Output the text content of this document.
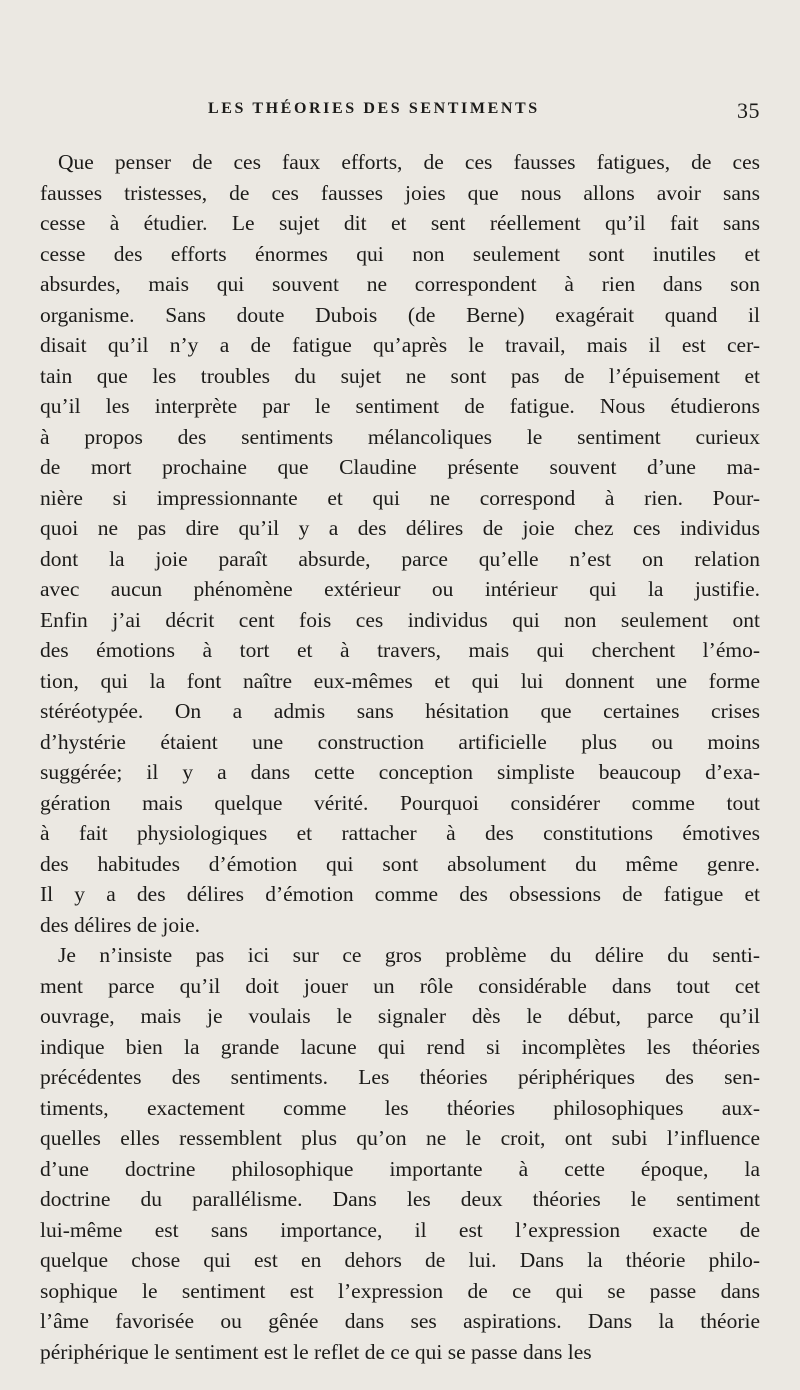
LES THÉORIES DES SENTIMENTS	35
Que penser de ces faux efforts, de ces fausses fatigues, de ces
fausses tristesses, de ces fausses joies que nous allons avoir sans
cesse à étudier. Le sujet dit et sent réellement qu’il fait sans
cesse des efforts énormes qui non seulement sont inutiles et
absurdes, mais qui souvent ne correspondent à rien dans son
organisme. Sans doute Dubois (de Berne) exagérait quand il
disait qu’il n’y a de fatigue qu’après le travail, mais il est cer-
tain que les troubles du sujet ne sont pas de l’épuisement et
qu’il les interprète par le sentiment de fatigue. Nous étudierons
à propos des sentiments mélancoliques le sentiment curieux
de mort prochaine que Claudine présente souvent d’une ma-
nière si impressionnante et qui ne correspond à rien. Pour-
quoi ne pas dire qu’il y a des délires de joie chez ces individus
dont la joie paraît absurde, parce qu’elle n’est on relation
avec aucun phénomène extérieur ou intérieur qui la justifie.
Enfin j’ai décrit cent fois ces individus qui non seulement ont
des émotions à tort et à travers, mais qui cherchent l’émo-
tion, qui la font naître eux-mêmes et qui lui donnent une forme
stéréotypée. On a admis sans hésitation que certaines crises
d’hystérie étaient une construction artificielle plus ou moins
suggérée; il y a dans cette conception simpliste beaucoup d’exa-
gération mais quelque vérité. Pourquoi considérer comme tout
à fait physiologiques et rattacher à des constitutions émotives
des habitudes d’émotion qui sont absolument du même genre.
Il y a des délires d’émotion comme des obsessions de fatigue et
des délires de joie.
Je n’insiste pas ici sur ce gros problème du délire du senti-
ment parce qu’il doit jouer un rôle considérable dans tout cet
ouvrage, mais je voulais le signaler dès le début, parce qu’il
indique bien la grande lacune qui rend si incomplètes les théories
précédentes des sentiments. Les théories périphériques des sen-
timents, exactement comme les théories philosophiques aux-
quelles elles ressemblent plus qu’on ne le croit, ont subi l’influence
d’une doctrine philosophique importante à cette époque, la
doctrine du parallélisme. Dans les deux théories le sentiment
lui-même est sans importance, il est l’expression exacte de
quelque chose qui est en dehors de lui. Dans la théorie philo-
sophique le sentiment est l’expression de ce qui se passe dans
l’âme favorisée ou gênée dans ses aspirations. Dans la théorie
périphérique le sentiment est le reflet de ce qui se passe dans les
